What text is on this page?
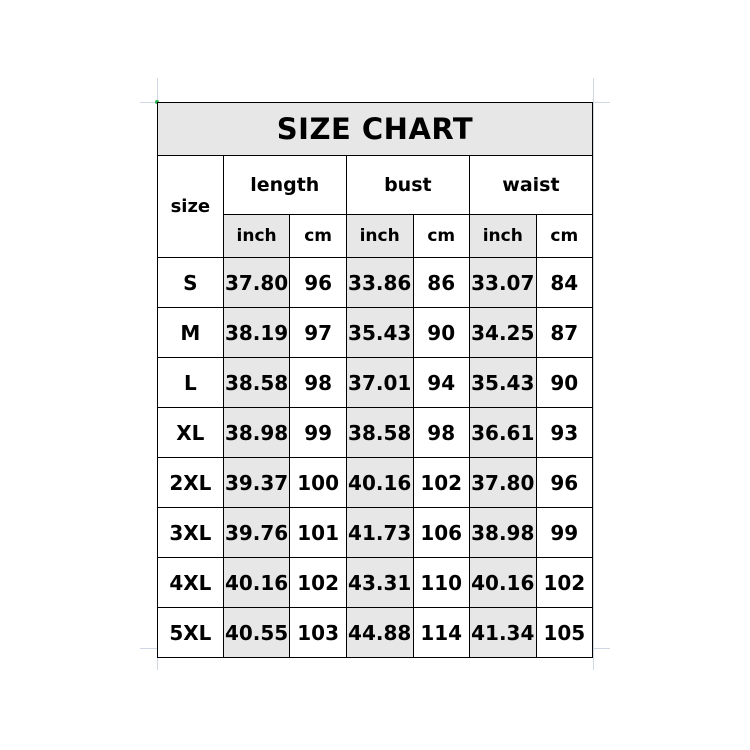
SIZE CHART						
size	length		bust		waist	
	inch	cm	inch	cm	inch	cm
S	37.80	96	33.86	86	33.07	84
M	38.19	97	35.43	90	34.25	87
L	38.58	98	37.01	94	35.43	90
XL	38.98	99	38.58	98	36.61	93
2XL	39.37	100	40.16	102	37.80	96
3XL	39.76	101	41.73	106	38.98	99
4XL	40.16	102	43.31	110	40.16	102
5XL	40.55	103	44.88	114	41.34	105
